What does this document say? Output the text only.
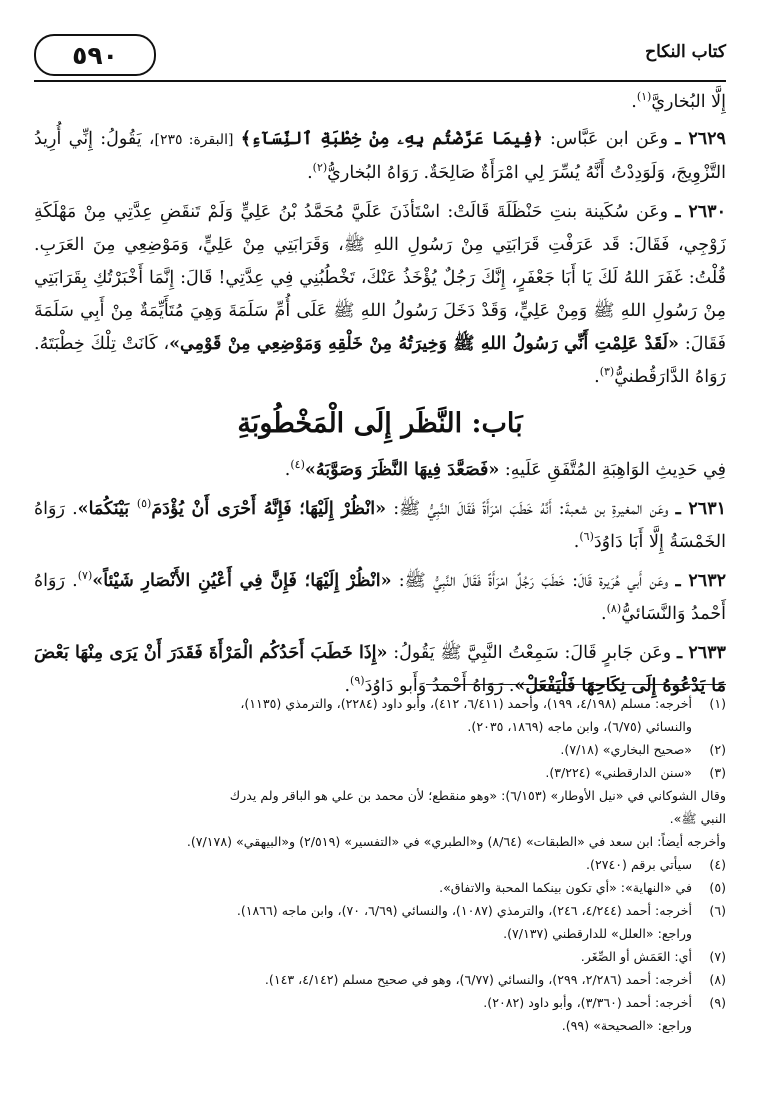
كتاب النكاح
٥٩٠

إِلَّا البُخاريَّ$^{(١)}$.

٢٦٢٩ ـ وعَن ابن عَبَّاس: ﴿فِيمَا عَرَّضْتُم بِهِۦ مِنْ خِطْبَةِ ٱلنِّسَآءِ﴾ [البقرة: ٢٣٥]، يَقُولُ: إِنِّي أُرِيدُ التَّزْوِيجَ، وَلَوَدِدْتُ أَنَّهُ يُسِّرَ لِي امْرَأَةٌ صَالِحَةٌ. رَوَاهُ البُخاريُّ$^{(٢)}$.

٢٦٣٠ ـ وعَن سُكَينة بنتِ حَنْظَلَةَ قَالَتْ: اسْتَأذَنَ عَلَيَّ مُحَمَّدُ بْنُ عَلِيٍّ وَلَمْ تَنقَضِ عِدَّتِي مِنْ مَهْلَكَةِ زَوْجِي، فَقَالَ: قَد عَرَفْتِ قَرَابَتِي مِنْ رَسُولِ اللهِ ﷺ، وَقَرَابَتِي مِنْ عَلِيٍّ، وَمَوْضِعِي مِنَ العَرَبِ. قُلْتُ: غَفَرَ اللهُ لَكَ يَا أَبَا جَعْفَرٍ، إِنَّكَ رَجُلٌ يُؤْخَذُ عَنْكَ، تَخْطُبُنِي فِي عِدَّتِي! قَالَ: إِنَّمَا أَخْبَرْتُكِ بِقَرَابَتِي مِنْ رَسُولِ اللهِ ﷺ وَمِنْ عَلِيٍّ، وَقَدْ دَخَلَ رَسُولُ اللهِ ﷺ عَلَى أُمِّ سَلَمَةَ وَهِيَ مُتَأَيِّمَةٌ مِنْ أَبِي سَلَمَةَ فَقَالَ: «لَقَدْ عَلِمْتِ أَنِّي رَسُولُ اللهِ ﷺ وَخِيرَتُهُ مِنْ خَلْقِهِ وَمَوْضِعِي مِنْ قَوْمِي»، كَانَتْ تِلْكَ خِطْبَتَهُ. رَوَاهُ الدَّارَقُطنيُّ$^{(٣)}$.

بَاب: النَّظَر إِلَى الْمَخْطُوبَةِ

فِي حَدِيثِ الوَاهِبَةِ المُتَّفَقِ عَلَيهِ: «فَصَعَّدَ فِيهَا النَّظَرَ وَصَوَّبَهُ»$^{(٤)}$.

٢٦٣١ ـ وعَن المغيرةِ بن شعبةَ: أَنَّهُ خَطَبَ امْرَأَةً فَقَالَ النَّبِيُّ ﷺ: «انْظُرْ إِلَيْهَا؛ فَإِنَّهُ أَحْرَى أَنْ يُؤْدَمَ$^{(٥)}$ بَيْنَكُمَا». رَوَاهُ الخَمْسَةُ إِلَّا أَبَا دَاوُدَ$^{(٦)}$.

٢٦٣٢ ـ وعَن أَبي هُرَيرة قَالَ: خَطَبَ رَجُلٌ امْرَأَةً فَقَالَ النَّبِيُّ ﷺ: «انْظُرْ إِلَيْهَا؛ فَإِنَّ فِي أَعْيُنِ الأَنْصَارِ شَيْئاً»$^{(٧)}$. رَوَاهُ أَحْمدُ وَالنَّسَائيُّ$^{(٨)}$.

٢٦٣٣ ـ وعَن جَابرٍ قَالَ: سَمِعْتُ النَّبِيَّ ﷺ يَقُولُ: «إِذَا خَطَبَ أَحَدُكُم الْمَرْأَةَ فَقَدَرَ أَنْ يَرَى مِنْهَا بَعْضَ مَا يَدْعُوهُ إِلَى نِكَاحِهَا فَلْيَفْعَلْ». رَوَاهُ أَحْمدُ وَأَبو دَاوُدَ$^{(٩)}$.

(١)
أخرجه: مسلم (٤/١٩٨، ١٩٩)، وأحمد (٦/٤١١، ٤١٢)، وأبو داود (٢٢٨٤)، والترمذي (١١٣٥)،
والنسائي (٦/٧٥)، وابن ماجه (١٨٦٩، ٢٠٣٥).
(٢)
«صحيح البخاري» (٧/١٨).
(٣)
«سنن الدارقطني» (٣/٢٢٤).
وقال الشوكاني في «نيل الأوطار» (٦/١٥٣): «وهو منقطع؛ لأن محمد بن علي هو الباقر ولم يدرك
النبي ﷺ».
وأخرجه أيضاً: ابن سعد في «الطبقات» (٨/٦٤) و«الطبري» في «التفسير» (٢/٥١٩) و«البيهقي» (٧/١٧٨).
(٤)
سيأتي برقم (٢٧٤٠).
(٥)
في «النهاية»: «أي تكون بينكما المحبة والاتفاق».
(٦)
أخرجه: أحمد (٤/٢٤٤، ٢٤٦)، والترمذي (١٠٨٧)، والنسائي (٦/٦٩، ٧٠)، وابن ماجه (١٨٦٦).
وراجع: «العلل» للدارقطني (٧/١٣٧).
(٧)
أي: العَمَش أو الصِّغَر.
(٨)
أخرجه: أحمد (٢/٢٨٦، ٢٩٩)، والنسائي (٦/٧٧)، وهو في صحيح مسلم (٤/١٤٢، ١٤٣).
(٩)
أخرجه: أحمد (٣/٣٦٠)، وأبو داود (٢٠٨٢).
وراجع: «الصحيحة» (٩٩).
